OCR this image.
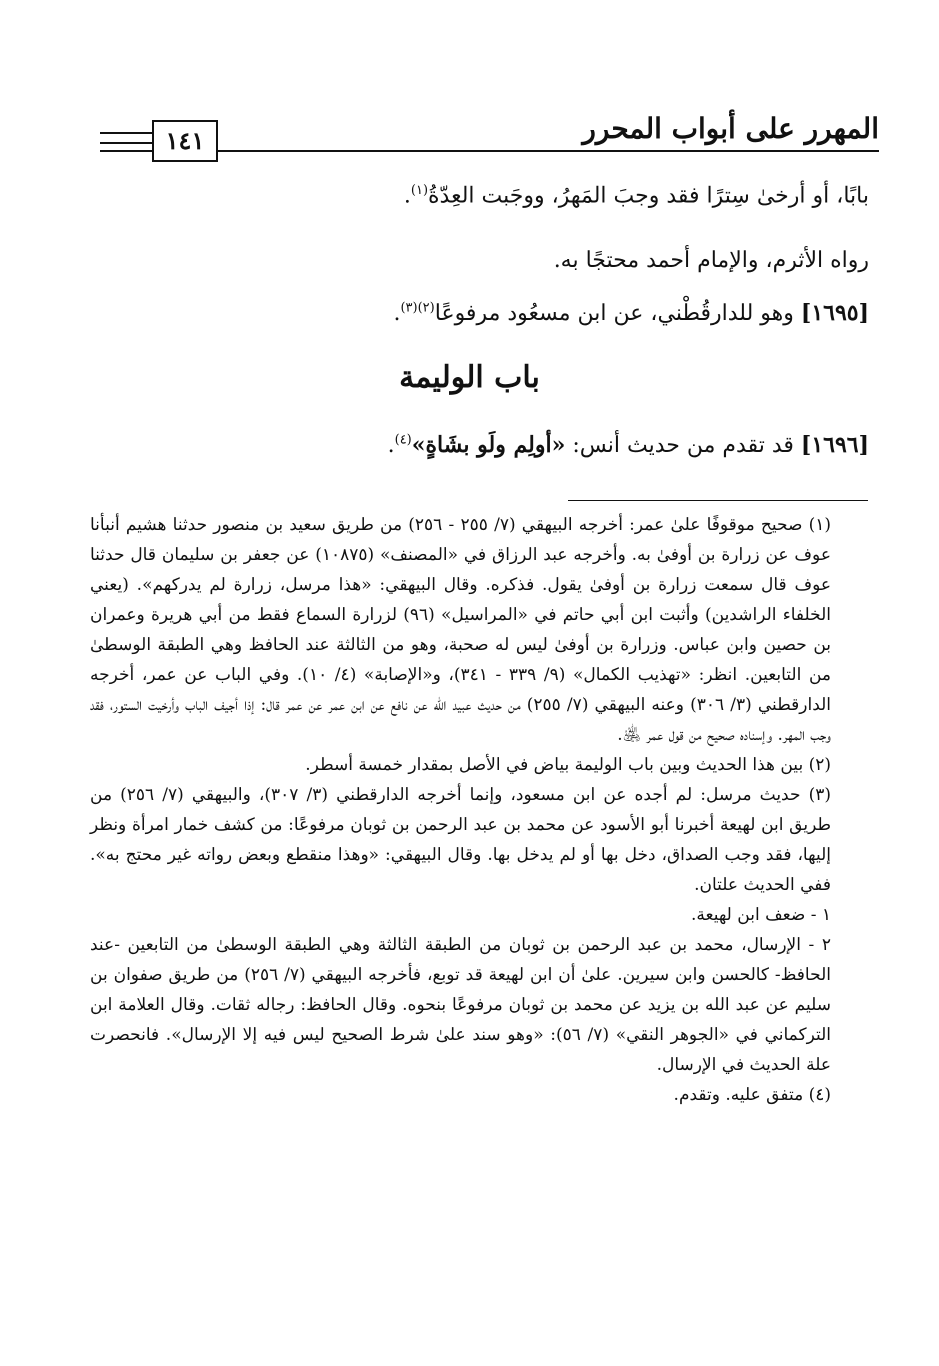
المهرر على أبواب المحرر
١٤١

بابًا، أو أرخىٰ سِترًا فقد وجبَ المَهرُ، ووجَبت العِدّةُ$^{(١)}$.

رواه الأثرم، والإمام أحمد محتجًا به.

[١٦٩٥] وهو للدارقُطْني، عن ابن مسعُود مرفوعًا$^{(٢)(٣)}$.

باب الوليمة

[١٦٩٦] قد تقدم من حديث أنس: «أولِم ولَو بشَاةٍ»$^{(٤)}$.

(١) صحيح موقوفًا علىٰ عمر: أخرجه البيهقي (٧/ ٢٥٥ - ٢٥٦) من طريق سعيد بن منصور حدثنا هشيم أنبأنا عوف عن زرارة بن أوفىٰ به. وأخرجه عبد الرزاق في «المصنف» (١٠٨٧٥) عن جعفر بن سليمان قال حدثنا عوف قال سمعت زرارة بن أوفىٰ يقول. فذكره. وقال البيهقي: «هذا مرسل، زرارة لم يدركهم». (يعني الخلفاء الراشدين) وأثبت ابن أبي حاتم في «المراسيل» (٩٦) لزرارة السماع فقط من أبي هريرة وعمران بن حصين وابن عباس. وزرارة بن أوفىٰ ليس له صحبة، وهو من الثالثة عند الحافظ وهي الطبقة الوسطىٰ من التابعين. انظر: «تهذيب الكمال» (٩/ ٣٣٩ - ٣٤١)، و«الإصابة» (٤/ ١٠). وفي الباب عن عمر، أخرجه الدارقطني (٣/ ٣٠٦) وعنه البيهقي (٧/ ٢٥٥) من حديث عبيد الله عن نافع عن ابن عمر عن عمر قال: إذا أجيف الباب وأرخيت الستور، فقد وجب المهر. وإسناده صحيح من قول عمر ﵁.

(٢) بين هذا الحديث وبين باب الوليمة بياض في الأصل بمقدار خمسة أسطر.

(٣) حديث مرسل: لم أجده عن ابن مسعود، وإنما أخرجه الدارقطني (٣/ ٣٠٧)، والبيهقي (٧/ ٢٥٦) من طريق ابن لهيعة أخبرنا أبو الأسود عن محمد بن عبد الرحمن بن ثوبان مرفوعًا: من كشف خمار امرأة ونظر إليها، فقد وجب الصداق، دخل بها أو لم يدخل بها. وقال البيهقي: «وهذا منقطع وبعض رواته غير محتج به». ففي الحديث علتان.

١ - ضعف ابن لهيعة.

٢ - الإرسال، محمد بن عبد الرحمن بن ثوبان من الطبقة الثالثة وهي الطبقة الوسطىٰ من التابعين -عند الحافظ- كالحسن وابن سيرين. علىٰ أن ابن لهيعة قد توبع، فأخرجه البيهقي (٧/ ٢٥٦) من طريق صفوان بن سليم عن عبد الله بن يزيد عن محمد بن ثوبان مرفوعًا بنحوه. وقال الحافظ: رجاله ثقات. وقال العلامة ابن التركماني في «الجوهر النقي» (٧/ ٥٦): «وهو سند علىٰ شرط الصحيح ليس فيه إلا الإرسال». فانحصرت علة الحديث في الإرسال.

(٤) متفق عليه. وتقدم.
